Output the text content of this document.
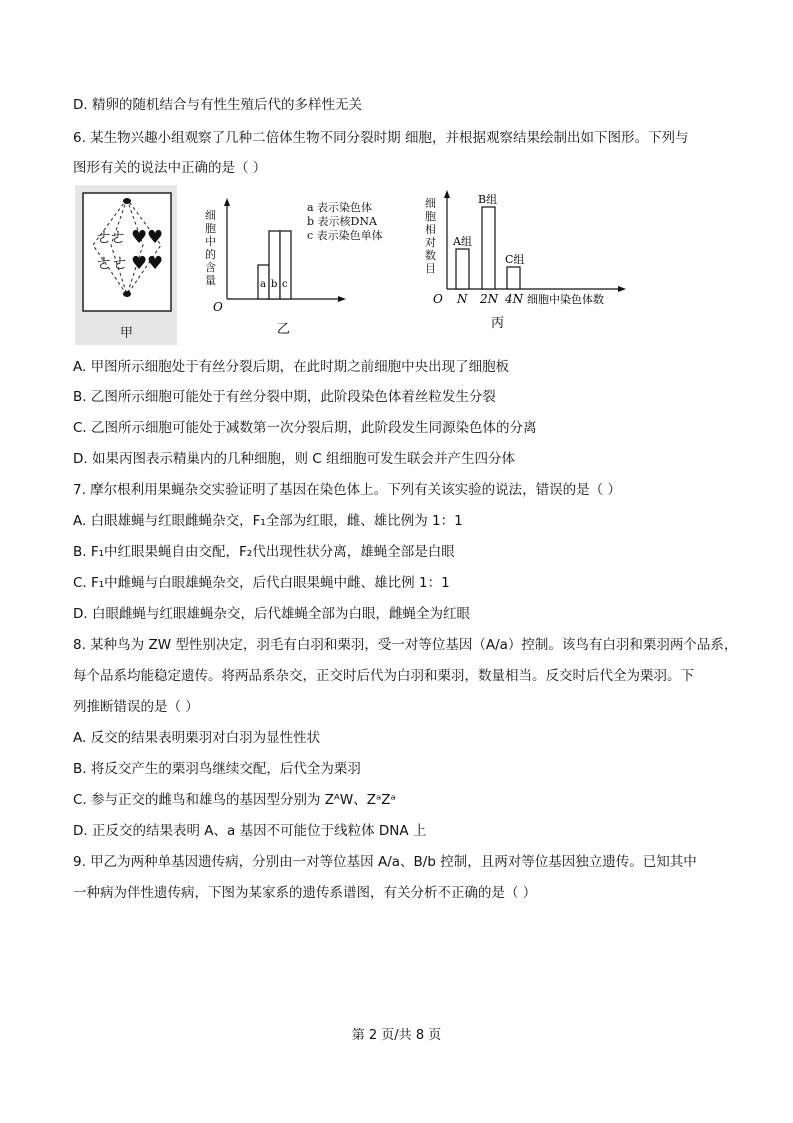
D. 精卵的随机结合与有性生殖后代的多样性无关
6. 某生物兴趣小组观察了几种二倍体生物不同分裂时期 细胞，并根据观察结果绘制出如下图形。下列与
图形有关的说法中正确的是（ ）
ㄜ
ㄜ ♥ ♥
ㄜ
ㄜ ♥ ♥
甲
细
胞
中
的
含
量
O
a b c
a 表示染色体
b 表示核DNA
c 表示染色单体
乙
细
胞
相
对
数
目
A组
B组
C组
O N 2N 4N 细胞中染色体数
丙
A. 甲图所示细胞处于有丝分裂后期，在此时期之前细胞中央出现了细胞板
B. 乙图所示细胞可能处于有丝分裂中期，此阶段染色体着丝粒发生分裂
C. 乙图所示细胞可能处于减数第一次分裂后期，此阶段发生同源染色体的分离
D. 如果丙图表示精巢内的几种细胞，则 C 组细胞可发生联会并产生四分体
7. 摩尔根利用果蝇杂交实验证明了基因在染色体上。下列有关该实验的说法，错误的是（ ）
A. 白眼雄蝇与红眼雌蝇杂交，F₁全部为红眼，雌、雄比例为 1：1
B. F₁中红眼果蝇自由交配，F₂代出现性状分离，雄蝇全部是白眼
C. F₁中雌蝇与白眼雄蝇杂交，后代白眼果蝇中雌、雄比例 1：1
D. 白眼雌蝇与红眼雄蝇杂交，后代雄蝇全部为白眼，雌蝇全为红眼
8. 某种鸟为 ZW 型性别决定，羽毛有白羽和栗羽，受一对等位基因（A/a）控制。该鸟有白羽和栗羽两个品系，
每个品系均能稳定遗传。将两品系杂交，正交时后代为白羽和栗羽，数量相当。反交时后代全为栗羽。下
列推断错误的是（ ）
A. 反交的结果表明栗羽对白羽为显性性状
B. 将反交产生的栗羽鸟继续交配，后代全为栗羽
C. 参与正交的雌鸟和雄鸟的基因型分别为 ZᴬW、ZᵃZᵃ
D. 正反交的结果表明 A、a 基因不可能位于线粒体 DNA 上
9. 甲乙为两种单基因遗传病，分别由一对等位基因 A/a、B/b 控制，且两对等位基因独立遗传。已知其中
一种病为伴性遗传病，下图为某家系的遗传系谱图，有关分析不正确的是（ ）
第 2 页/共 8 页
